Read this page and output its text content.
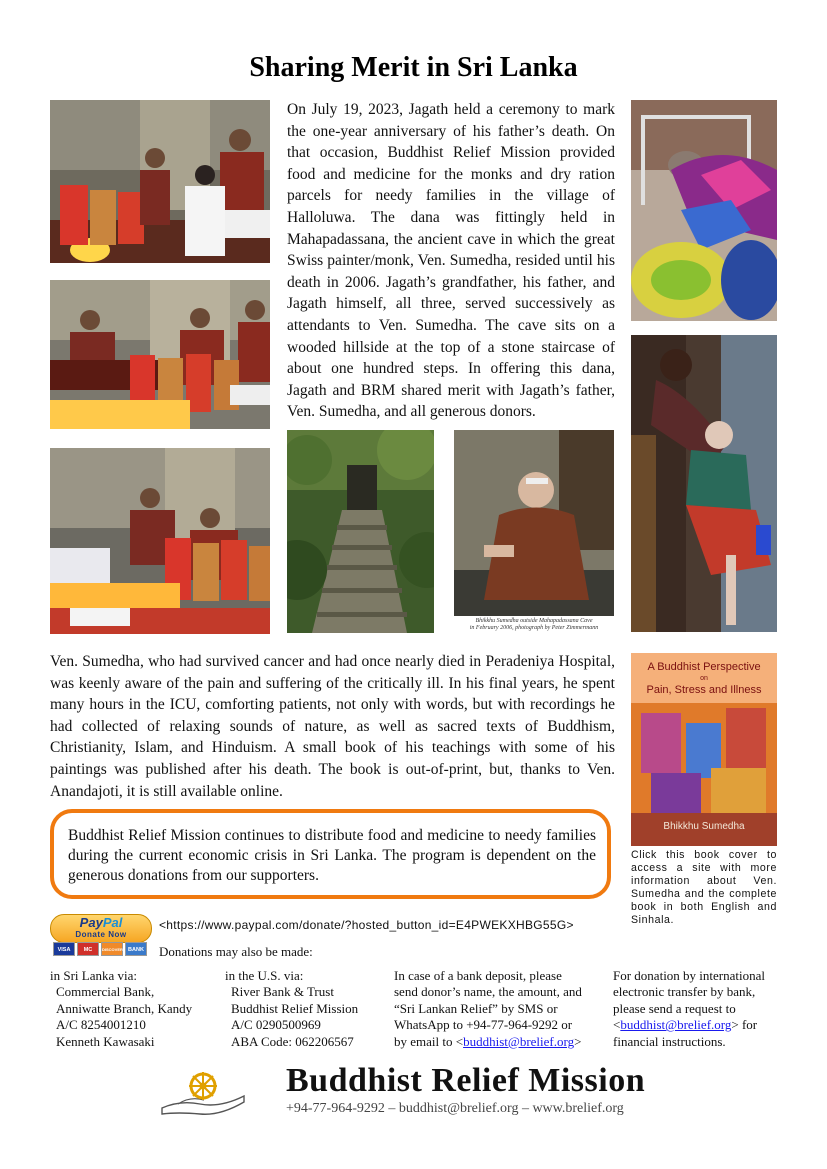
Sharing Merit in Sri Lanka
On July 19, 2023, Jagath held a ceremony to mark the one-year anniversary of his father’s death. On that occasion, Buddhist Relief Mission provided food and medicine for the monks and dry ration parcels for needy families in the village of Halloluwa. The dana was fittingly held in Mahapadassana, the ancient cave in which the great Swiss painter/monk, Ven. Sumedha, resided until his death in 2006. Jagath’s grandfather, his father, and Jagath himself, all three, served successively as attendants to Ven. Sumedha. The cave sits on a wooded hillside at the top of a stone staircase of about one hundred steps. In offering this dana, Jagath and BRM shared merit with Jagath’s father, Ven. Sumedha, and all generous donors.
Bhikkhu Sumedha outside Mahapadassana Cave
in February 2006, photograph by Peter Zimmermann
Ven. Sumedha, who had survived cancer and had once nearly died in Peradeniya Hospital, was keenly aware of the pain and suffering of the critically ill. In his final years, he spent many hours in the ICU, comforting patients, not only with words, but with recordings he had collected of relaxing sounds of nature, as well as sacred texts of Buddhism, Christianity, Islam, and Hinduism. A small book of his teachings with some of his paintings was published after his death. The book is out-of-print, but, thanks to Ven. Anandajoti, it is still available online.
A Buddhist Perspective
on
Pain, Stress and Illness
Bhikkhu Sumedha
Click this book cover to access a site with more information about Ven. Sumedha and the complete book in both English and Sinhala.

Buddhist Relief Mission continues to distribute food and medicine to needy families during the current economic crisis in Sri Lanka. The program is dependent on the generous donations from our supporters.

PayPal
Donate Now
VISA	MC	DISCOVER BANK
<https://www.paypal.com/donate/?hosted_button_id=E4PWEKXHBG55G>
Donations may also be made:
in Sri Lanka via:
Commercial Bank,
Anniwatte Branch, Kandy
A/C 8254001210
Kenneth Kawasaki
in the U.S. via:
River Bank & Trust
Buddhist Relief Mission
A/C 0290500969
ABA Code: 062206567
In case of a bank deposit, please
send donor’s name, the amount, and
“Sri Lankan Relief” by SMS or
WhatsApp to +94-77-964-9292 or
by email to <buddhist@brelief.org>
For donation by international
electronic transfer by bank,
please send a request to
<buddhist@brelief.org> for
financial instructions.
Buddhist Relief Mission
+94-77-964-9292 – buddhist@brelief.org – www.brelief.org
